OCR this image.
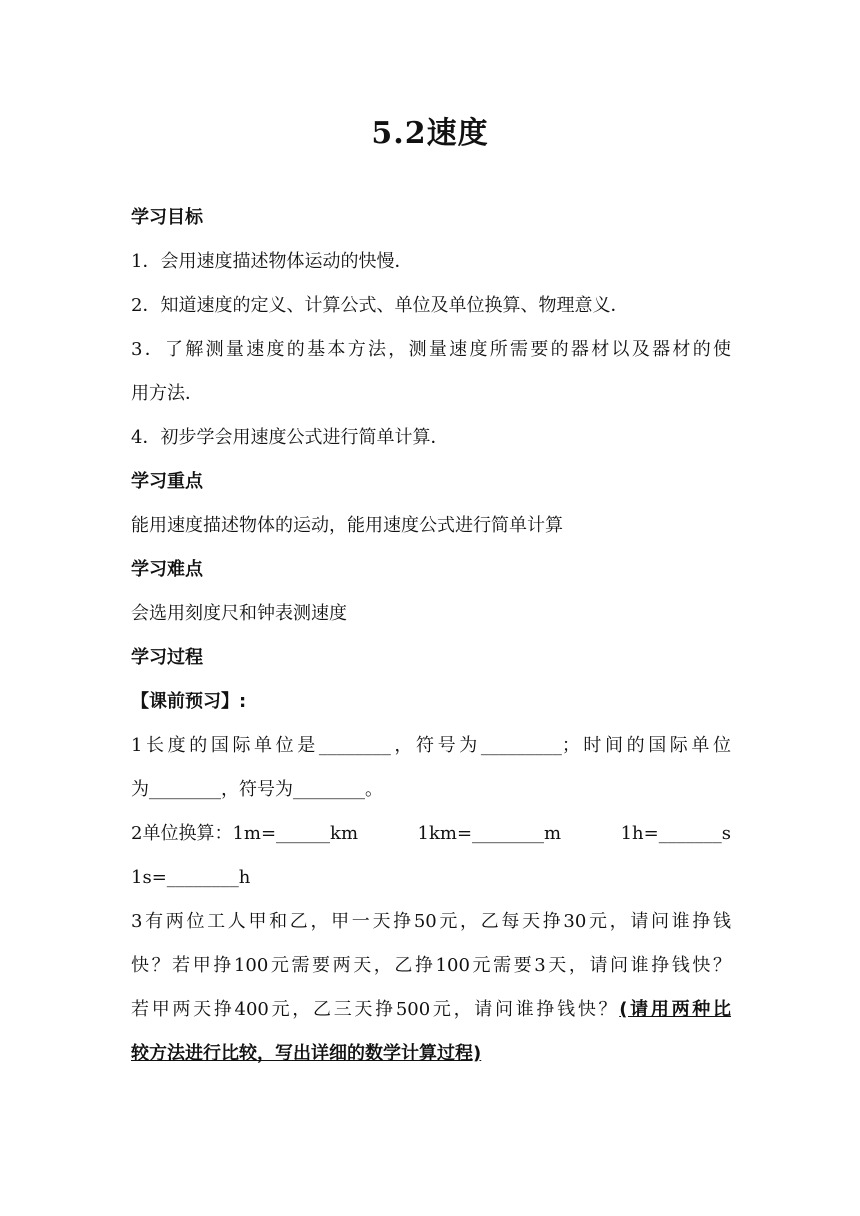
5.2速度

学习目标

1．会用速度描述物体运动的快慢．

2．知道速度的定义、计算公式、单位及单位换算、物理意义．

3．了解测量速度的基本方法，测量速度所需要的器材以及器材的使

用方法．

4．初步学会用速度公式进行简单计算．

学习重点

能用速度描述物体的运动，能用速度公式进行简单计算

学习难点

会选用刻度尺和钟表测速度

学习过程

【课前预习】:

1长度的国际单位是________，符号为_________；时间的国际单位

为________，符号为________。

2单位换算：1m=______km	1km=________m	1h=_______s

1s=________h

3有两位工人甲和乙，甲一天挣50元，乙每天挣30元，请问谁挣钱

快？若甲挣100元需要两天，乙挣100元需要3天，请问谁挣钱快？

若甲两天挣400元，乙三天挣500元，请问谁挣钱快？(请用两种比

较方法进行比较，写出详细的数学计算过程)
